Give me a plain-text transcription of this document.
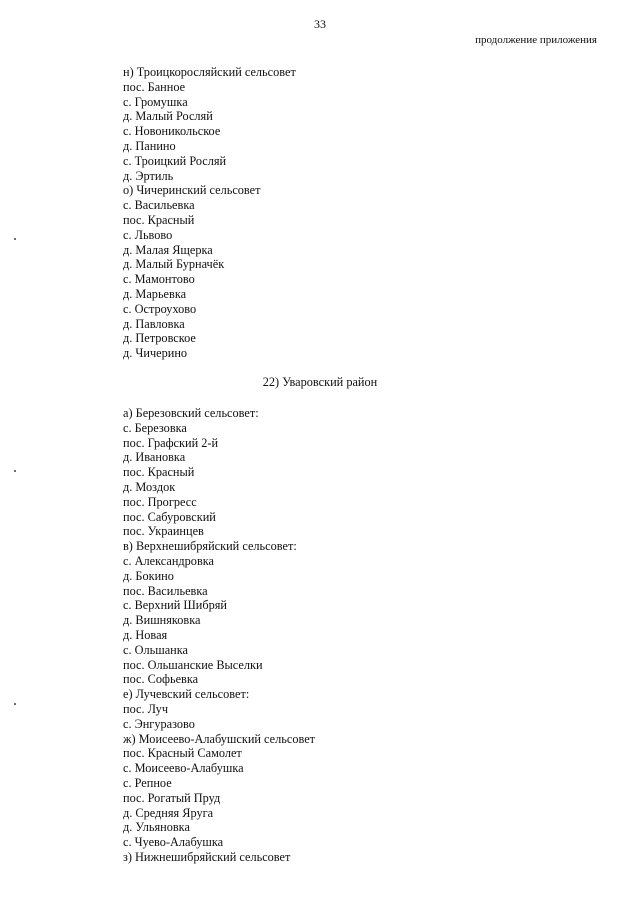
33
продолжение приложения
н) Троицкоросляйский сельсовет
пос. Банное
с. Громушка
д. Малый Росляй
с. Новоникольское
д. Панино
с. Троицкий Росляй
д. Эртиль
о) Чичеринский сельсовет
с. Васильевка
пос. Красный
с. Львово
д. Малая Ящерка
д. Малый Бурначёк
с. Мамонтово
д. Марьевка
с. Остроухово
д. Павловка
д. Петровское
д. Чичерино
22) Уваровский район
а) Березовский сельсовет:
с. Березовка
пос. Графский 2-й
д. Ивановка
пос. Красный
д. Моздок
пос. Прогресс
пос. Сабуровский
пос. Украинцев
в) Верхнешибряйский сельсовет:
с. Александровка
д. Бокино
пос. Васильевка
с. Верхний Шибряй
д. Вишняковка
д. Новая
с. Ольшанка
пос. Ольшанские Выселки
пос. Софьевка
е) Лучевский сельсовет:
пос. Луч
с. Энгуразово
ж) Моисеево-Алабушский сельсовет
пос. Красный Самолет
с. Моисеево-Алабушка
с. Репное
пос. Рогатый Пруд
д. Средняя Яруга
д. Ульяновка
с. Чуево-Алабушка
з) Нижнешибряйский сельсовет
